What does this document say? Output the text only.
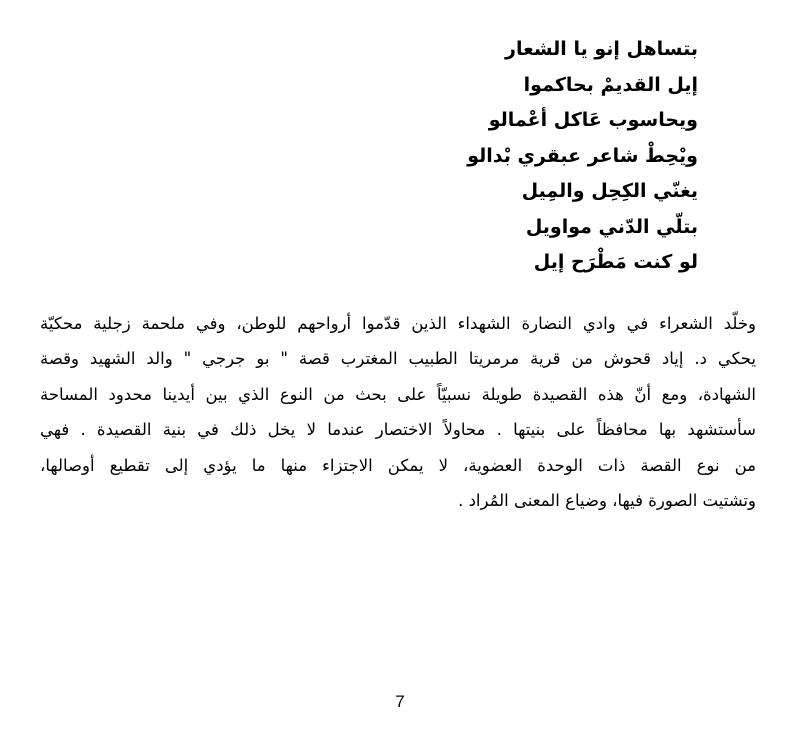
بتساهل إنو يا الشعار
إيل القديمْ بحاكموا
ويحاسوب عَاكل أعْمالو
ويْحِطْ شاعر عبقري بْدالو
يغنّي الكِحِل والمِيل
بتلّي الدّني مواويل
لو كنت مَطْرَح إيل
وخلّد الشعراء في وادي النضارة الشهداء الذين قدّموا أرواحهم للوطن، وفي ملحمة زجلية محكيّة
يحكي د. إياد قحوش من قرية مرمريتا الطبيب المغترب قصة " بو جرجي " والد الشهيد وقصة
الشهادة، ومع أنّ هذه القصيدة طويلة نسبيّاً على بحث من النوع الذي بين أيدينا محدود المساحة
سأستشهد بها محافظاً على بنيتها . محاولاً الاختصار عندما لا يخل ذلك في بنية القصيدة . فهي
من نوع القصة ذات الوحدة العضوية، لا يمكن الاجتزاء منها ما يؤدي إلى تقطيع أوصالها،
وتشتيت الصورة فيها، وضياع المعنى المُراد .
7
